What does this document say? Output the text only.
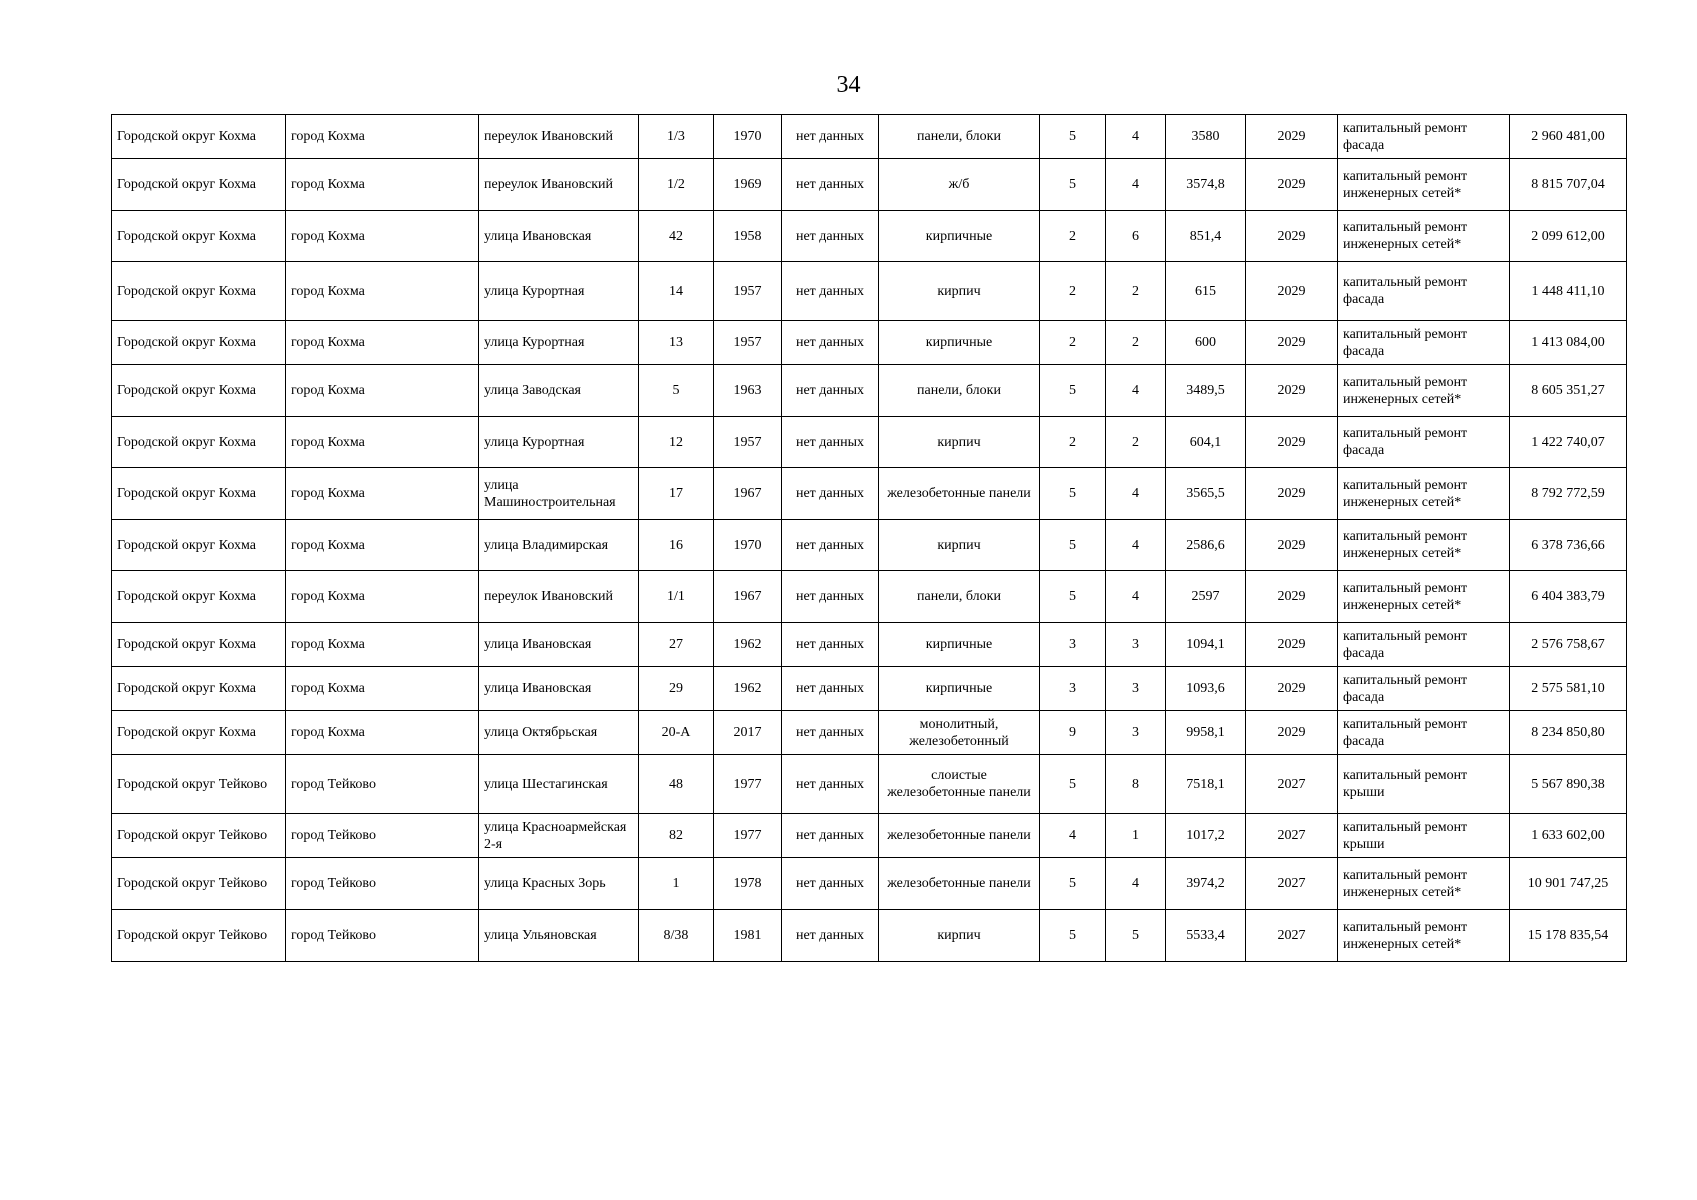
34
Городской округ Кохма	город Кохма	переулок Ивановский	1/3	1970	нет данных	панели, блоки	5	4	3580	2029	капитальный ремонт фасада	2 960 481,00
Городской округ Кохма	город Кохма	переулок Ивановский	1/2	1969	нет данных	ж/б	5	4	3574,8	2029	капитальный ремонт инженерных сетей*	8 815 707,04
Городской округ Кохма	город Кохма	улица Ивановская	42	1958	нет данных	кирпичные	2	6	851,4	2029	капитальный ремонт инженерных сетей*	2 099 612,00
Городской округ Кохма	город Кохма	улица Курортная	14	1957	нет данных	кирпич	2	2	615	2029	капитальный ремонт фасада	1 448 411,10
Городской округ Кохма	город Кохма	улица Курортная	13	1957	нет данных	кирпичные	2	2	600	2029	капитальный ремонт фасада	1 413 084,00
Городской округ Кохма	город Кохма	улица Заводская	5	1963	нет данных	панели, блоки	5	4	3489,5	2029	капитальный ремонт инженерных сетей*	8 605 351,27
Городской округ Кохма	город Кохма	улица Курортная	12	1957	нет данных	кирпич	2	2	604,1	2029	капитальный ремонт фасада	1 422 740,07
Городской округ Кохма	город Кохма	улица Машиностроительная	17	1967	нет данных	железобетонные панели	5	4	3565,5	2029	капитальный ремонт инженерных сетей*	8 792 772,59
Городской округ Кохма	город Кохма	улица Владимирская	16	1970	нет данных	кирпич	5	4	2586,6	2029	капитальный ремонт инженерных сетей*	6 378 736,66
Городской округ Кохма	город Кохма	переулок Ивановский	1/1	1967	нет данных	панели, блоки	5	4	2597	2029	капитальный ремонт инженерных сетей*	6 404 383,79
Городской округ Кохма	город Кохма	улица Ивановская	27	1962	нет данных	кирпичные	3	3	1094,1	2029	капитальный ремонт фасада	2 576 758,67
Городской округ Кохма	город Кохма	улица Ивановская	29	1962	нет данных	кирпичные	3	3	1093,6	2029	капитальный ремонт фасада	2 575 581,10
Городской округ Кохма	город Кохма	улица Октябрьская	20-А	2017	нет данных	монолитный, железобетонный	9	3	9958,1	2029	капитальный ремонт фасада	8 234 850,80
Городской округ Тейково	город Тейково	улица Шестагинская	48	1977	нет данных	слоистые железобетонные панели	5	8	7518,1	2027	капитальный ремонт крыши	5 567 890,38
Городской округ Тейково	город Тейково	улица Красноармейская 2-я	82	1977	нет данных	железобетонные панели	4	1	1017,2	2027	капитальный ремонт крыши	1 633 602,00
Городской округ Тейково	город Тейково	улица Красных Зорь	1	1978	нет данных	железобетонные панели	5	4	3974,2	2027	капитальный ремонт инженерных сетей*	10 901 747,25
Городской округ Тейково	город Тейково	улица Ульяновская	8/38	1981	нет данных	кирпич	5	5	5533,4	2027	капитальный ремонт инженерных сетей*	15 178 835,54
